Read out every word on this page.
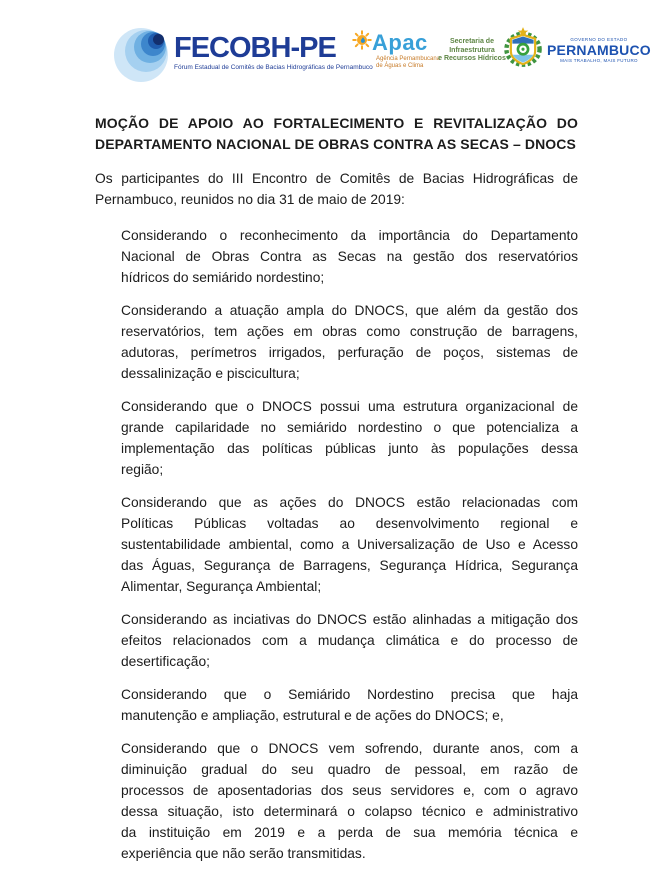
FECOBH-PE
Fórum Estadual de Comitês de Bacias Hidrográficas de Pernambuco
Apac
Agência Pernambucana
de Águas e Clima
Secretaria de
Infraestrutura
e Recursos Hídricos
GOVERNO DO ESTADO
PERNAMBUCO
MAIS TRABALHO, MAIS FUTURO
MOÇÃO DE APOIO AO FORTALECIMENTO E REVITALIZAÇÃO DO
DEPARTAMENTO NACIONAL DE OBRAS CONTRA AS SECAS – DNOCS
Os participantes do III Encontro de Comitês de Bacias Hidrográficas de
Pernambuco, reunidos no dia 31 de maio de 2019:
Considerando o reconhecimento da importância do Departamento
Nacional de Obras Contra as Secas na gestão dos reservatórios
hídricos do semiárido nordestino;
Considerando a atuação ampla do DNOCS, que além da gestão dos
reservatórios, tem ações em obras como construção de barragens,
adutoras, perímetros irrigados, perfuração de poços, sistemas de
dessalinização e piscicultura;
Considerando que o DNOCS possui uma estrutura organizacional de
grande capilaridade no semiárido nordestino o que potencializa a
implementação das políticas públicas junto às populações dessa
região;
Considerando que as ações do DNOCS estão relacionadas com
Políticas Públicas voltadas ao desenvolvimento regional e
sustentabilidade ambiental, como a Universalização de Uso e Acesso
das Águas, Segurança de Barragens, Segurança Hídrica, Segurança
Alimentar, Segurança Ambiental;
Considerando as inciativas do DNOCS estão alinhadas a mitigação dos
efeitos relacionados com a mudança climática e do processo de
desertificação;
Considerando que o Semiárido Nordestino precisa que haja
manutenção e ampliação, estrutural e de ações do DNOCS; e,
Considerando que o DNOCS vem sofrendo, durante anos, com a
diminuição gradual do seu quadro de pessoal, em razão de
processos de aposentadorias dos seus servidores e, com o agravo
dessa situação, isto determinará o colapso técnico e administrativo
da instituição em 2019 e a perda de sua memória técnica e
experiência que não serão transmitidas.
